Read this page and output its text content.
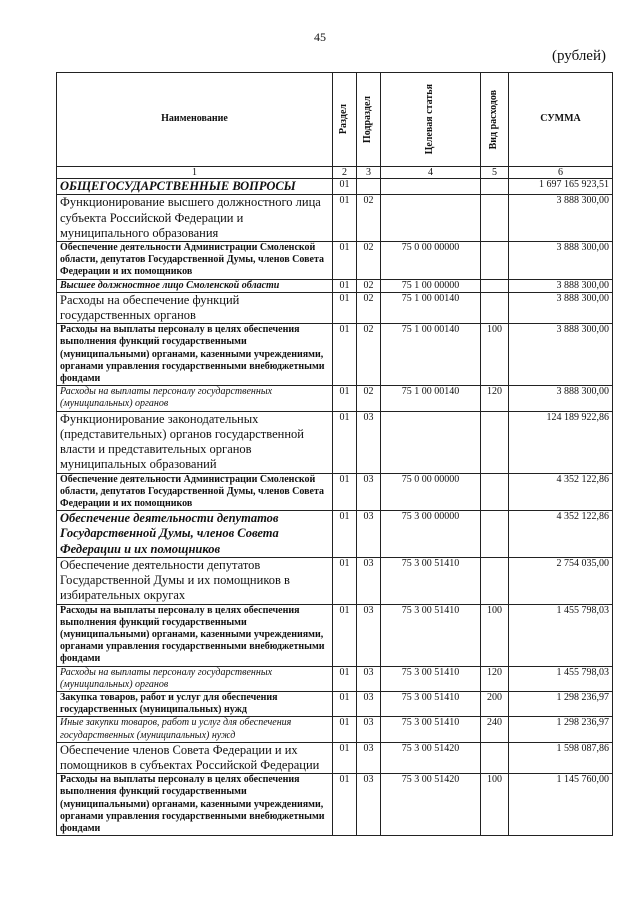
45
(рублей)
Наименование	Раздел	Подраздел	Целевая статья	Вид расходов	СУММА
1	2	3	4	5	6
ОБЩЕГОСУДАРСТВЕННЫЕ ВОПРОСЫ	01				1 697 165 923,51
Функционирование высшего должностного лица субъекта Российской Федерации и муниципального образования	01	02			3 888 300,00
Обеспечение деятельности Администрации Смоленской области, депутатов Государственной Думы, членов Совета Федерации и их помощников	01	02	75 0 00 00000		3 888 300,00
Высшее должностное лицо Смоленской области	01	02	75 1 00 00000		3 888 300,00
Расходы на обеспечение функций государственных органов	01	02	75 1 00 00140		3 888 300,00
Расходы на выплаты персоналу в целях обеспечения выполнения функций государственными (муниципальными) органами, казенными учреждениями, органами управления государственными внебюджетными фондами	01	02	75 1 00 00140	100	3 888 300,00
Расходы на выплаты персоналу государственных (муниципальных) органов	01	02	75 1 00 00140	120	3 888 300,00
Функционирование законодательных (представительных) органов государственной власти и представительных органов муниципальных образований	01	03			124 189 922,86
Обеспечение деятельности Администрации Смоленской области, депутатов Государственной Думы, членов Совета Федерации и их помощников	01	03	75 0 00 00000		4 352 122,86
Обеспечение деятельности депутатов Государственной Думы, членов Совета Федерации и их помощников	01	03	75 3 00 00000		4 352 122,86
Обеспечение деятельности депутатов Государственной Думы и их помощников в избирательных округах	01	03	75 3 00 51410		2 754 035,00
Расходы на выплаты персоналу в целях обеспечения выполнения функций государственными (муниципальными) органами, казенными учреждениями, органами управления государственными внебюджетными фондами	01	03	75 3 00 51410	100	1 455 798,03
Расходы на выплаты персоналу государственных (муниципальных) органов	01	03	75 3 00 51410	120	1 455 798,03
Закупка товаров, работ и услуг для обеспечения государственных (муниципальных) нужд	01	03	75 3 00 51410	200	1 298 236,97
Иные закупки товаров, работ и услуг для обеспечения государственных (муниципальных) нужд	01	03	75 3 00 51410	240	1 298 236,97
Обеспечение членов Совета Федерации и их помощников в субъектах Российской Федерации	01	03	75 3 00 51420		1 598 087,86
Расходы на выплаты персоналу в целях обеспечения выполнения функций государственными (муниципальными) органами, казенными учреждениями, органами управления государственными внебюджетными фондами	01	03	75 3 00 51420	100	1 145 760,00
